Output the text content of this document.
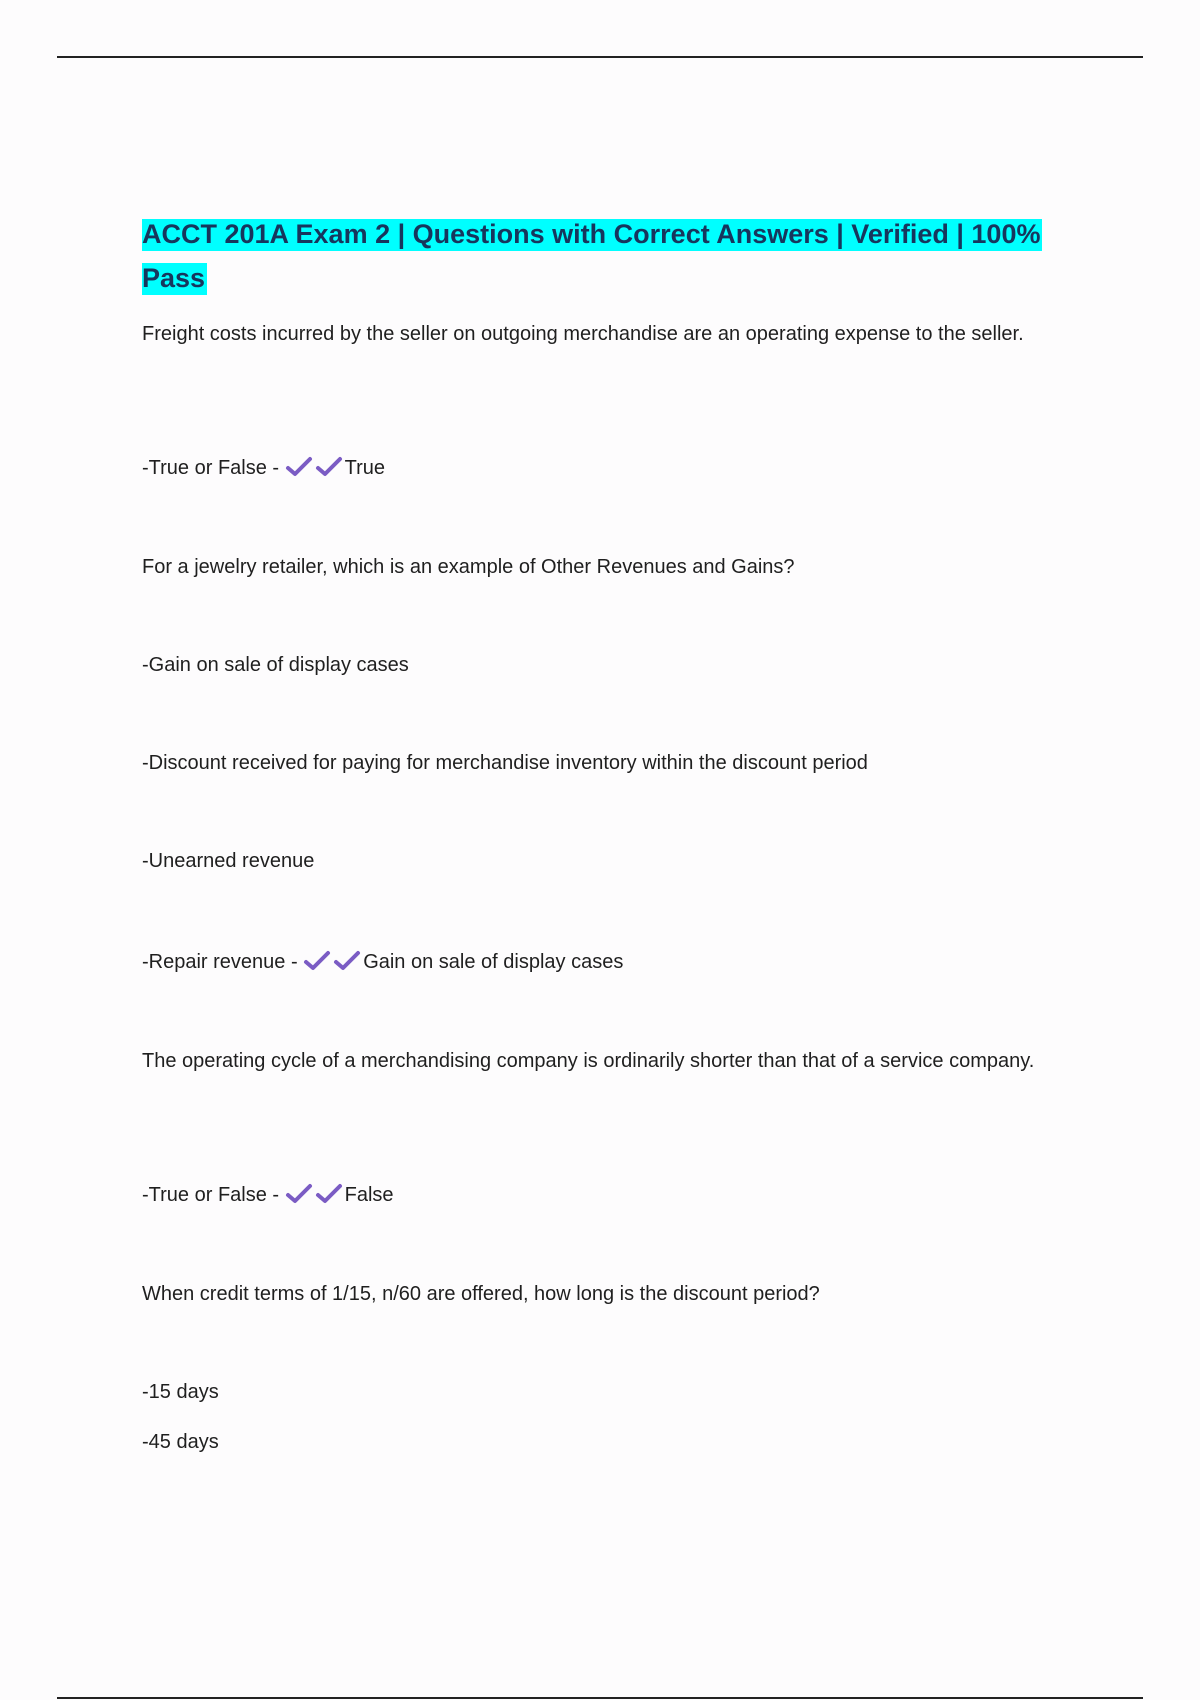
ACCT 201A Exam 2 | Questions with Correct Answers | Verified | 100% Pass

Freight costs incurred by the seller on outgoing merchandise are an operating expense to the seller.

-True or False -	True

For a jewelry retailer, which is an example of Other Revenues and Gains?

-Gain on sale of display cases

-Discount received for paying for merchandise inventory within the discount period

-Unearned revenue

-Repair revenue -	Gain on sale of display cases

The operating cycle of a merchandising company is ordinarily shorter than that of a service company.

-True or False -	False

When credit terms of 1/15, n/60 are offered, how long is the discount period?

-15 days

-45 days
